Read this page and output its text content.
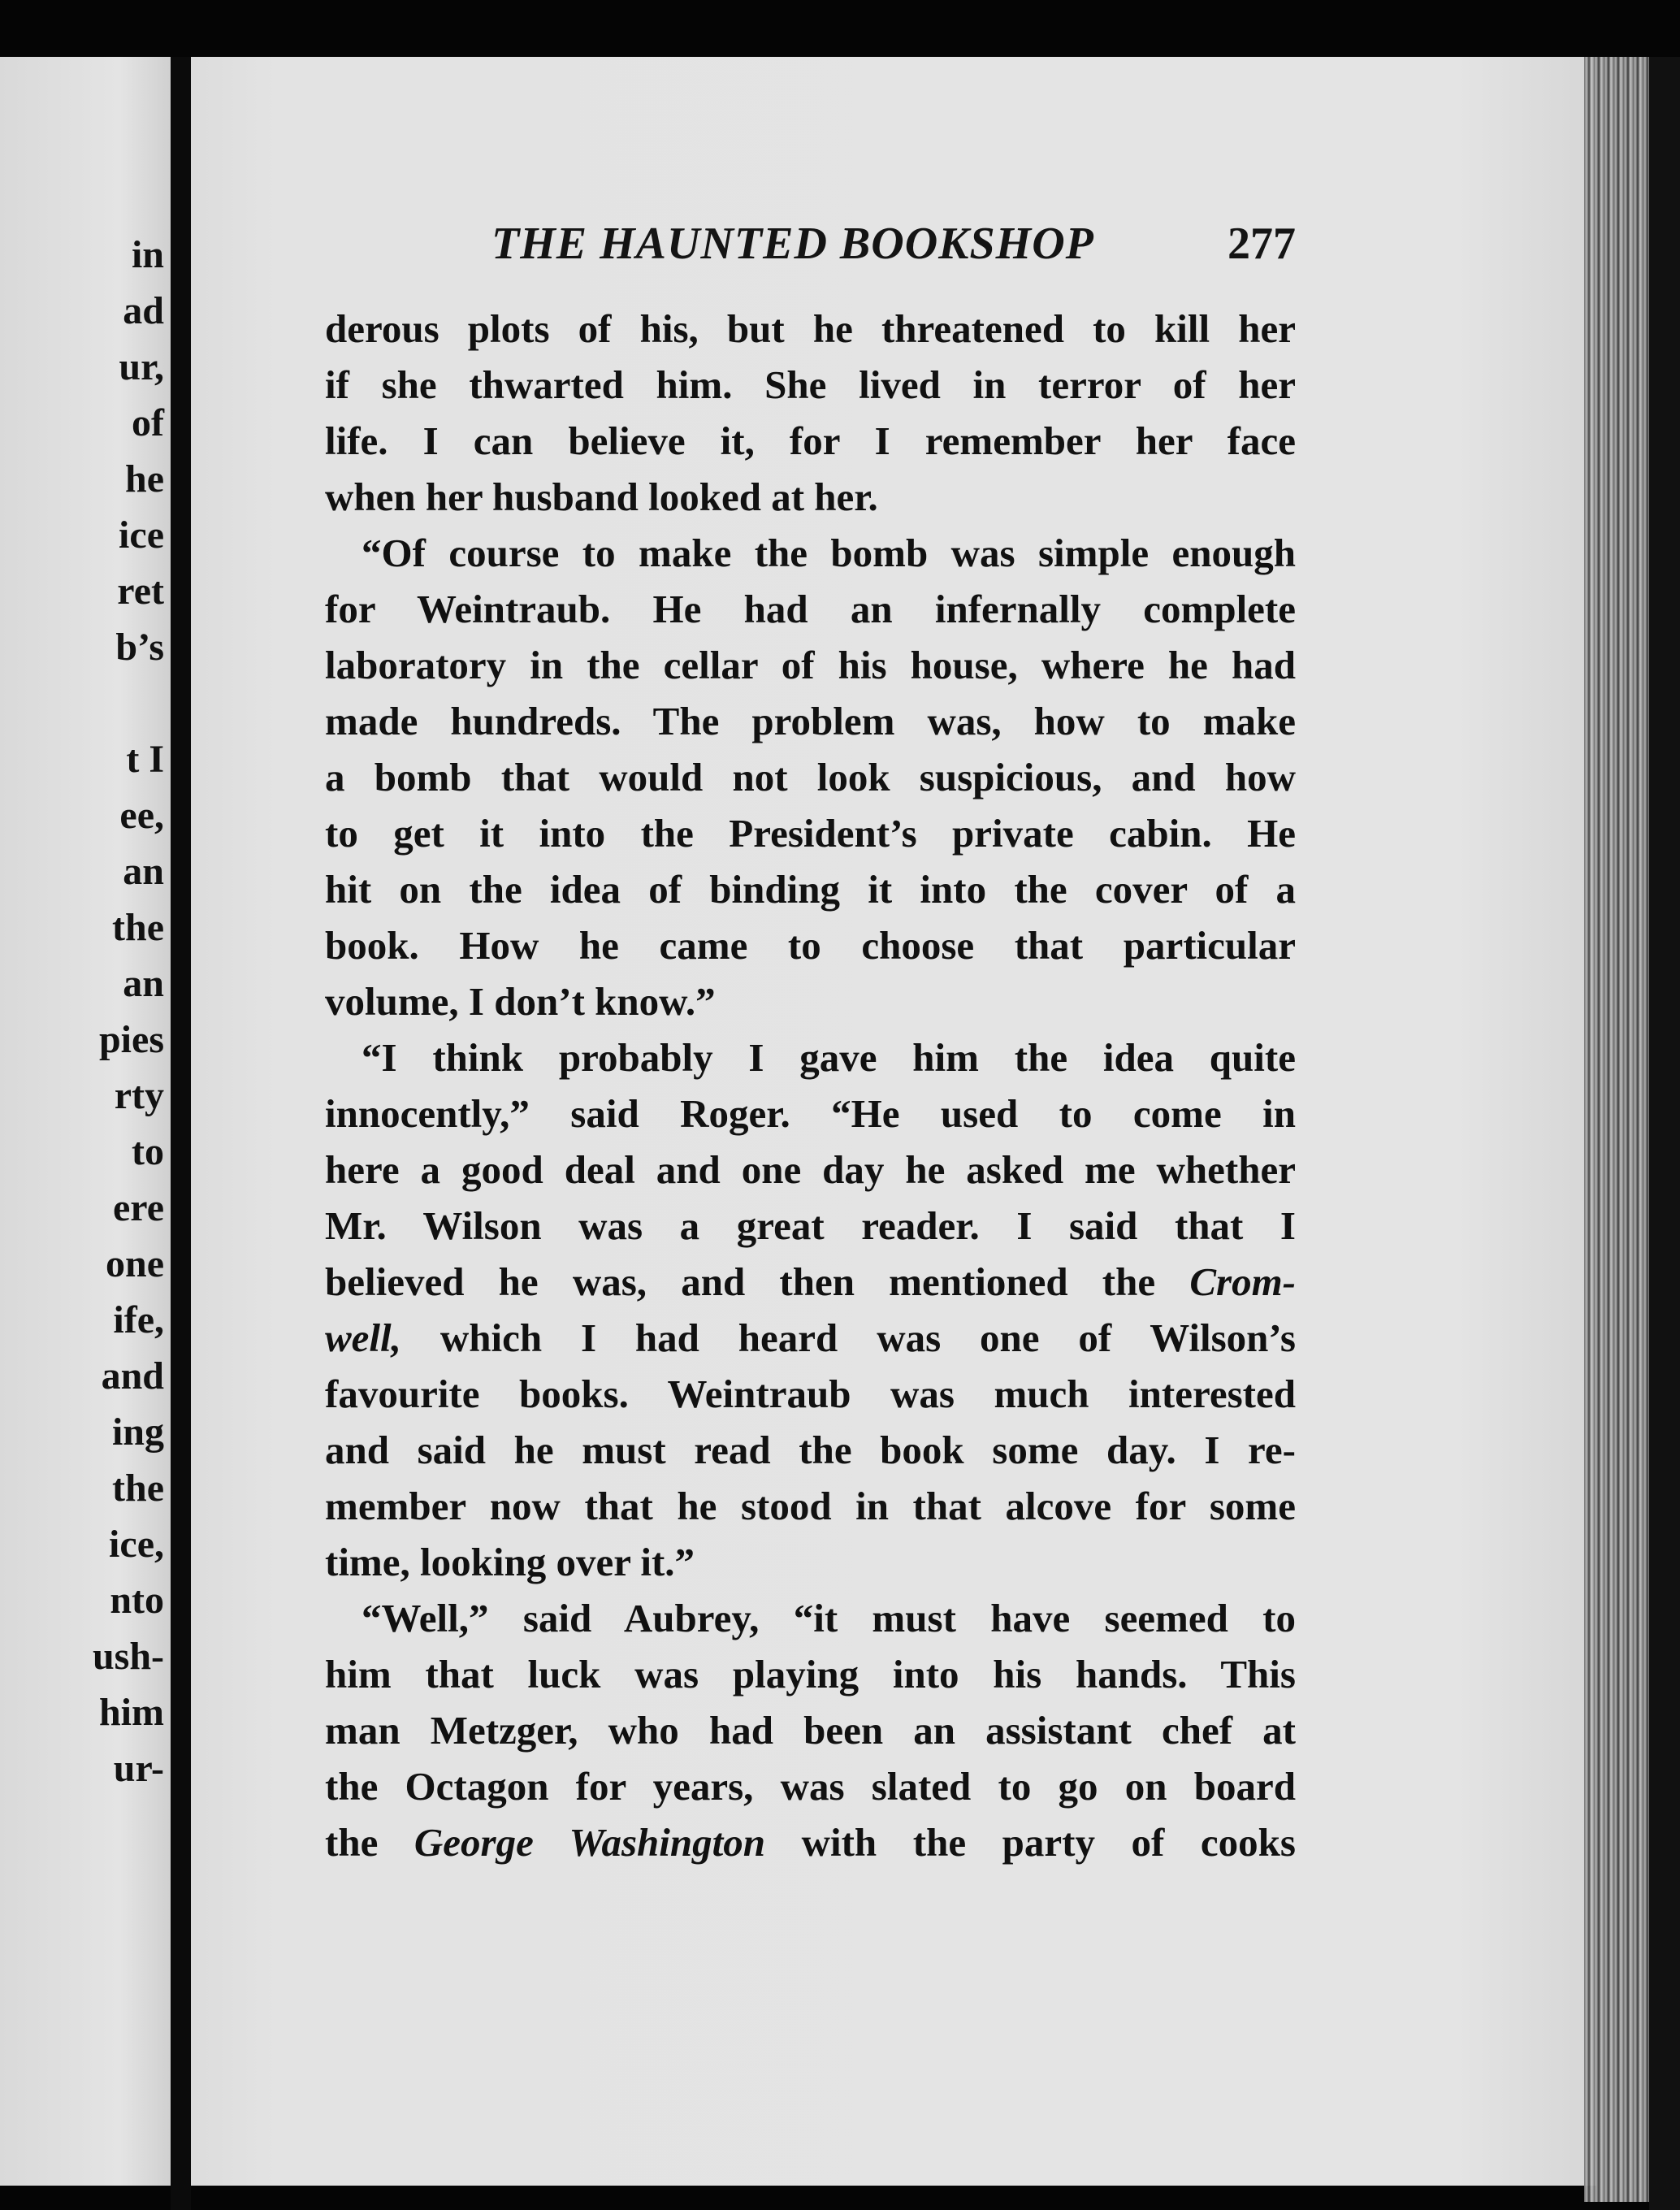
in
ad
ur,
of
he
ice
ret
b’s
t I
ee,
an
the
an
pies
rty
to
ere
one
ife,
and
ing
the
ice,
nto
ush-
him
ur-
THE HAUNTED BOOKSHOP	277
derous plots of his, but he threatened to kill her
if she thwarted him. She lived in terror of her
life. I can believe it, for I remember her face
when her husband looked at her.
“Of course to make the bomb was simple enough
for Weintraub. He had an infernally complete
laboratory in the cellar of his house, where he had
made hundreds. The problem was, how to make
a bomb that would not look suspicious, and how
to get it into the President’s private cabin. He
hit on the idea of binding it into the cover of a
book. How he came to choose that particular
volume, I don’t know.”
“I think probably I gave him the idea quite
innocently,” said Roger. “He used to come in
here a good deal and one day he asked me whether
Mr. Wilson was a great reader. I said that I
believed he was, and then mentioned the Crom-
well, which I had heard was one of Wilson’s
favourite books. Weintraub was much interested
and said he must read the book some day. I re-
member now that he stood in that alcove for some
time, looking over it.”
“Well,” said Aubrey, “it must have seemed to
him that luck was playing into his hands. This
man Metzger, who had been an assistant chef at
the Octagon for years, was slated to go on board
the George Washington with the party of cooks
